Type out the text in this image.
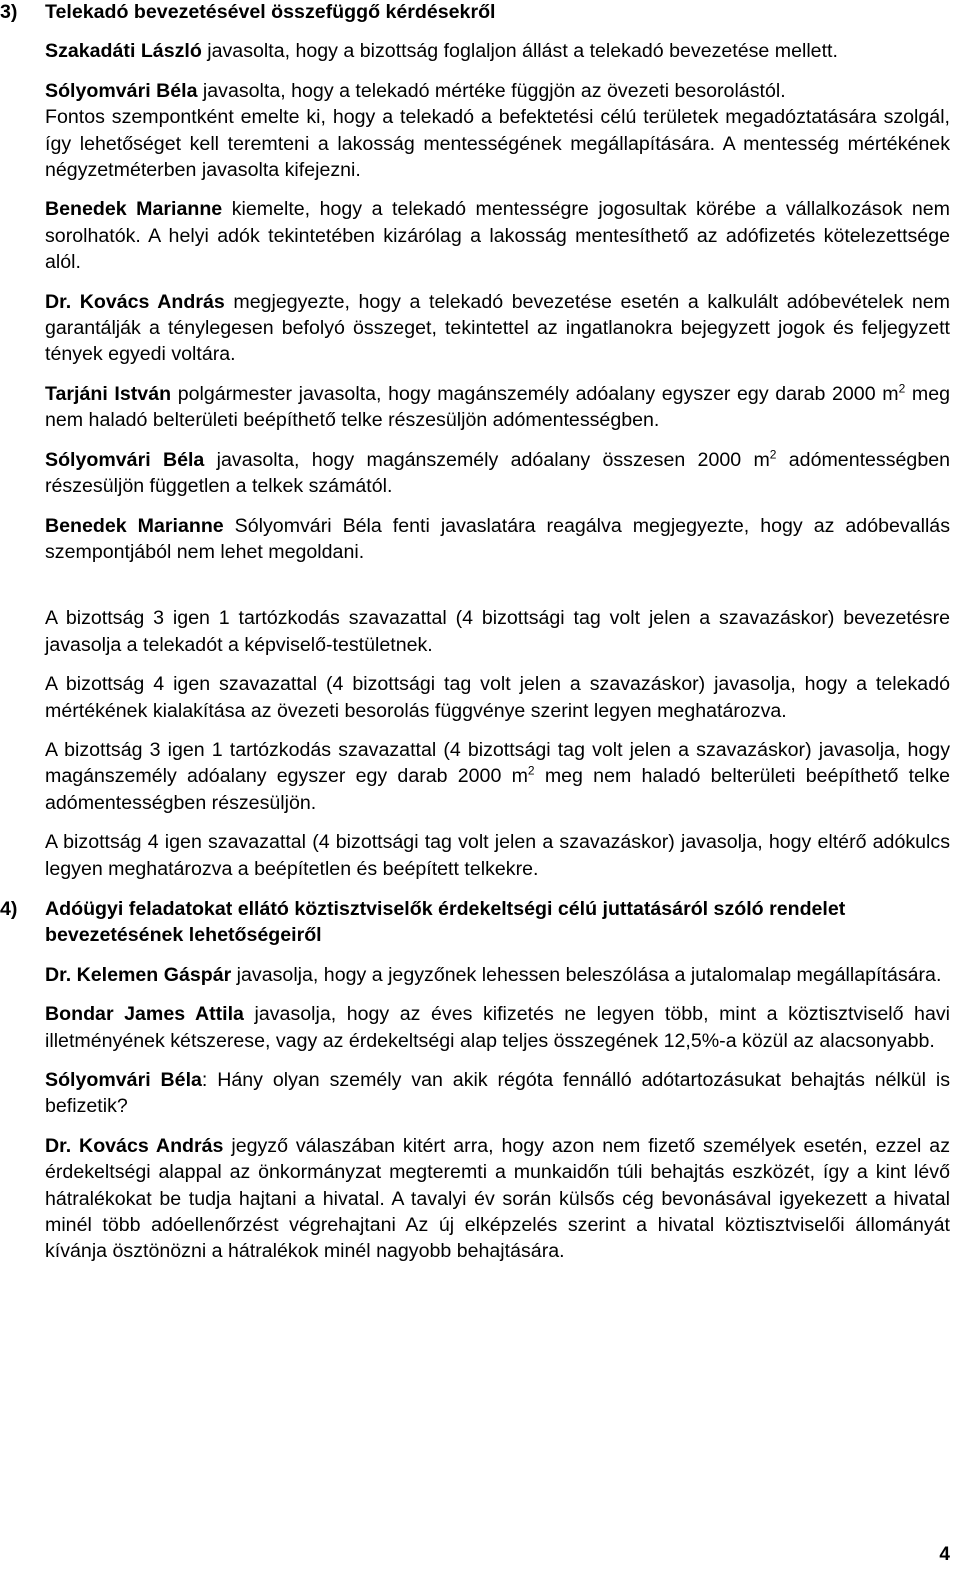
3) Telekadó bevezetésével összefüggő kérdésekről

Szakadáti László javasolta, hogy a bizottság foglaljon állást a telekadó bevezetése mellett.

Sólyomvári Béla javasolta, hogy a telekadó mértéke függjön az övezeti besorolástól.

Fontos szempontként emelte ki, hogy a telekadó a befektetési célú területek megadóztatására szolgál, így lehetőséget kell teremteni a lakosság mentességének megállapítására. A mentesség mértékének négyzetméterben javasolta kifejezni.

Benedek Marianne kiemelte, hogy a telekadó mentességre jogosultak körébe a vállalkozások nem sorolhatók. A helyi adók tekintetében kizárólag a lakosság mentesíthető az adófizetés kötelezettsége alól.

Dr. Kovács András megjegyezte, hogy a telekadó bevezetése esetén a kalkulált adóbevételek nem garantálják a ténylegesen befolyó összeget, tekintettel az ingatlanokra bejegyzett jogok és feljegyzett tények egyedi voltára.

Tarjáni István polgármester javasolta, hogy magánszemély adóalany egyszer egy darab 2000 $m^2$ meg nem haladó belterületi beépíthető telke részesüljön adómentességben.

Sólyomvári Béla javasolta, hogy magánszemély adóalany összesen 2000 $m^2$ adómentességben részesüljön független a telkek számától.

Benedek Marianne Sólyomvári Béla fenti javaslatára reagálva megjegyezte, hogy az adóbevallás szempontjából nem lehet megoldani.

A bizottság 3 igen 1 tartózkodás szavazattal (4 bizottsági tag volt jelen a szavazáskor) bevezetésre javasolja a telekadót a képviselő-testületnek.

A bizottság 4 igen szavazattal (4 bizottsági tag volt jelen a szavazáskor) javasolja, hogy a telekadó mértékének kialakítása az övezeti besorolás függvénye szerint legyen meghatározva.

A bizottság 3 igen 1 tartózkodás szavazattal (4 bizottsági tag volt jelen a szavazáskor) javasolja, hogy magánszemély adóalany egyszer egy darab 2000 $m^2$ meg nem haladó belterületi beépíthető telke adómentességben részesüljön.

A bizottság 4 igen szavazattal (4 bizottsági tag volt jelen a szavazáskor) javasolja, hogy eltérő adókulcs legyen meghatározva a beépítetlen és beépített telkekre.

4) Adóügyi feladatokat ellátó köztisztviselők érdekeltségi célú juttatásáról szóló rendelet bevezetésének lehetőségeiről

Dr. Kelemen Gáspár javasolja, hogy a jegyzőnek lehessen beleszólása a jutalomalap megállapítására.

Bondar James Attila javasolja, hogy az éves kifizetés ne legyen több, mint a köztisztviselő havi illetményének kétszerese, vagy az érdekeltségi alap teljes összegének 12,5%-a közül az alacsonyabb.

Sólyomvári Béla: Hány olyan személy van akik régóta fennálló adótartozásukat behajtás nélkül is befizetik?

Dr. Kovács András jegyző válaszában kitért arra, hogy azon nem fizető személyek esetén, ezzel az érdekeltségi alappal az önkormányzat megteremti a munkaidőn túli behajtás eszközét, így a kint lévő hátralékokat be tudja hajtani a hivatal. A tavalyi év során külsős cég bevonásával igyekezett a hivatal minél több adóellenőrzést végrehajtani Az új elképzelés szerint a hivatal köztisztviselői állományát kívánja ösztönözni a hátralékok minél nagyobb behajtására.

4
